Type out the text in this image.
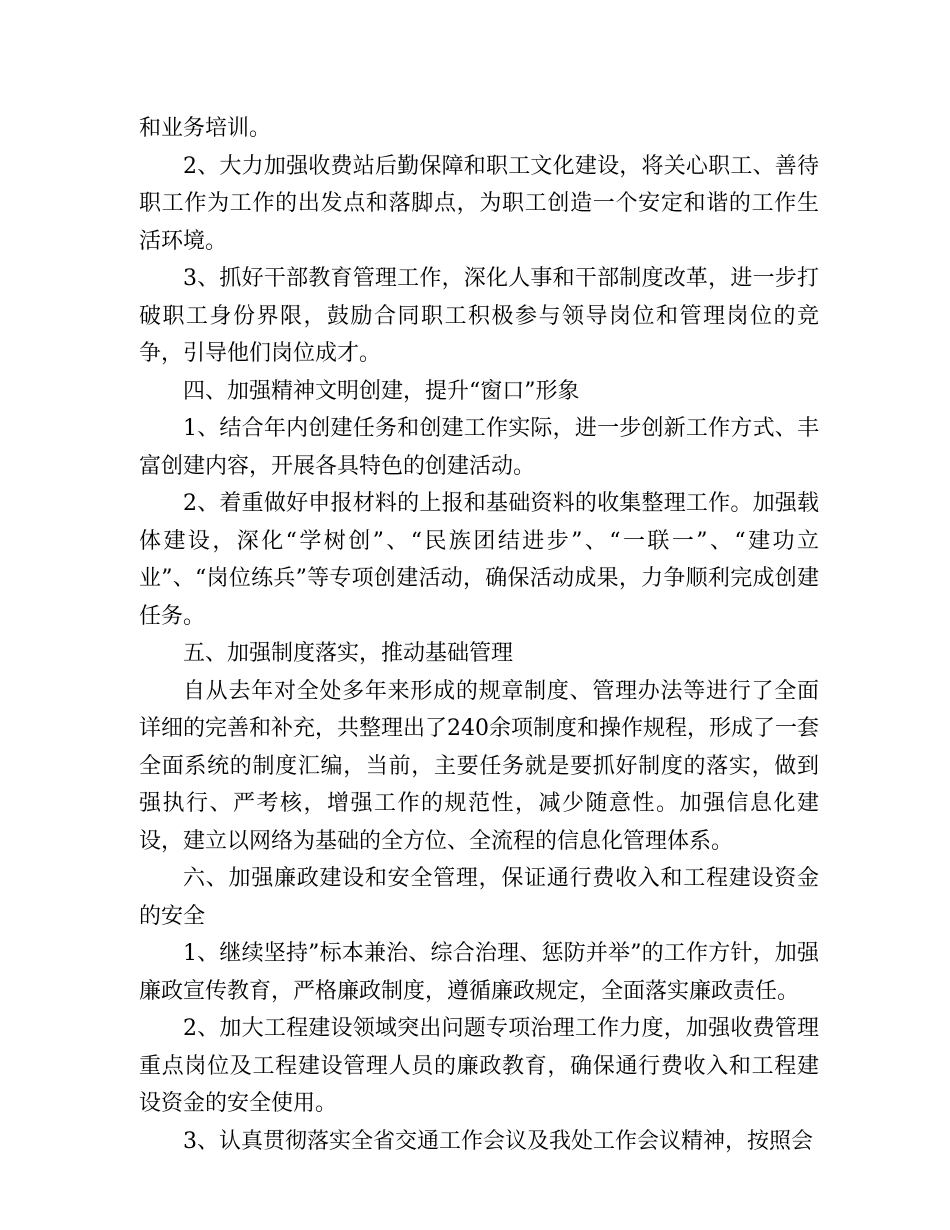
和业务培训。

2、大力加强收费站后勤保障和职工文化建设，将关心职工、善待职工作为工作的出发点和落脚点，为职工创造一个安定和谐的工作生活环境。

3、抓好干部教育管理工作，深化人事和干部制度改革，进一步打破职工身份界限，鼓励合同职工积极参与领导岗位和管理岗位的竞争，引导他们岗位成才。

四、加强精神文明创建，提升“窗口”形象

1、结合年内创建任务和创建工作实际，进一步创新工作方式、丰富创建内容，开展各具特色的创建活动。

2、着重做好申报材料的上报和基础资料的收集整理工作。加强载体建设，深化“学树创”、“民族团结进步”、“一联一”、“建功立业”、“岗位练兵”等专项创建活动，确保活动成果，力争顺利完成创建任务。

五、加强制度落实，推动基础管理

自从去年对全处多年来形成的规章制度、管理办法等进行了全面详细的完善和补充，共整理出了240余项制度和操作规程，形成了一套全面系统的制度汇编，当前，主要任务就是要抓好制度的落实，做到强执行、严考核，增强工作的规范性，减少随意性。加强信息化建设，建立以网络为基础的全方位、全流程的信息化管理体系。

六、加强廉政建设和安全管理，保证通行费收入和工程建设资金的安全

1、继续坚持”标本兼治、综合治理、惩防并举”的工作方针，加强廉政宣传教育，严格廉政制度，遵循廉政规定，全面落实廉政责任。

2、加大工程建设领域突出问题专项治理工作力度，加强收费管理重点岗位及工程建设管理人员的廉政教育，确保通行费收入和工程建设资金的安全使用。

3、认真贯彻落实全省交通工作会议及我处工作会议精神，按照会
